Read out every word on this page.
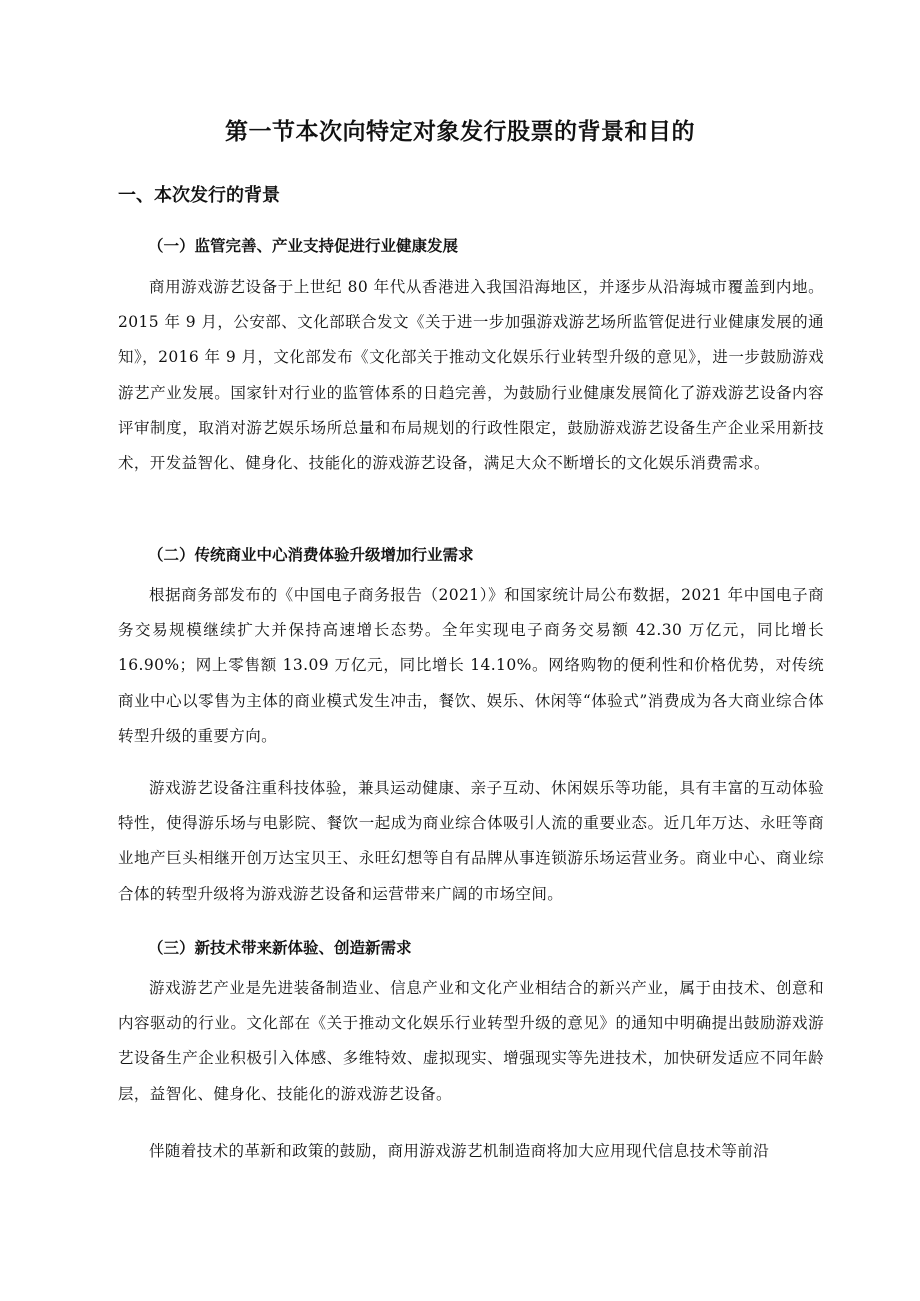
第一节本次向特定对象发行股票的背景和目的
一、本次发行的背景
（一）监管完善、产业支持促进行业健康发展

商用游戏游艺设备于上世纪 80 年代从香港进入我国沿海地区，并逐步从沿海城市覆盖到内地。2015 年 9 月，公安部、文化部联合发文《关于进一步加强游戏游艺场所监管促进行业健康发展的通知》，2016 年 9 月，文化部发布《文化部关于推动文化娱乐行业转型升级的意见》，进一步鼓励游戏游艺产业发展。国家针对行业的监管体系的日趋完善，为鼓励行业健康发展简化了游戏游艺设备内容评审制度，取消对游艺娱乐场所总量和布局规划的行政性限定，鼓励游戏游艺设备生产企业采用新技术，开发益智化、健身化、技能化的游戏游艺设备，满足大众不断增长的文化娱乐消费需求。

（二）传统商业中心消费体验升级增加行业需求

根据商务部发布的《中国电子商务报告（2021）》和国家统计局公布数据，2021 年中国电子商务交易规模继续扩大并保持高速增长态势。全年实现电子商务交易额 42.30 万亿元，同比增长 16.90%；网上零售额 13.09 万亿元，同比增长 14.10%。网络购物的便利性和价格优势，对传统商业中心以零售为主体的商业模式发生冲击，餐饮、娱乐、休闲等“体验式”消费成为各大商业综合体转型升级的重要方向。

游戏游艺设备注重科技体验，兼具运动健康、亲子互动、休闲娱乐等功能，具有丰富的互动体验特性，使得游乐场与电影院、餐饮一起成为商业综合体吸引人流的重要业态。近几年万达、永旺等商业地产巨头相继开创万达宝贝王、永旺幻想等自有品牌从事连锁游乐场运营业务。商业中心、商业综合体的转型升级将为游戏游艺设备和运营带来广阔的市场空间。

（三）新技术带来新体验、创造新需求

游戏游艺产业是先进装备制造业、信息产业和文化产业相结合的新兴产业，属于由技术、创意和内容驱动的行业。文化部在《关于推动文化娱乐行业转型升级的意见》的通知中明确提出鼓励游戏游艺设备生产企业积极引入体感、多维特效、虚拟现实、增强现实等先进技术，加快研发适应不同年龄层，益智化、健身化、技能化的游戏游艺设备。

伴随着技术的革新和政策的鼓励，商用游戏游艺机制造商将加大应用现代信息技术等前沿
